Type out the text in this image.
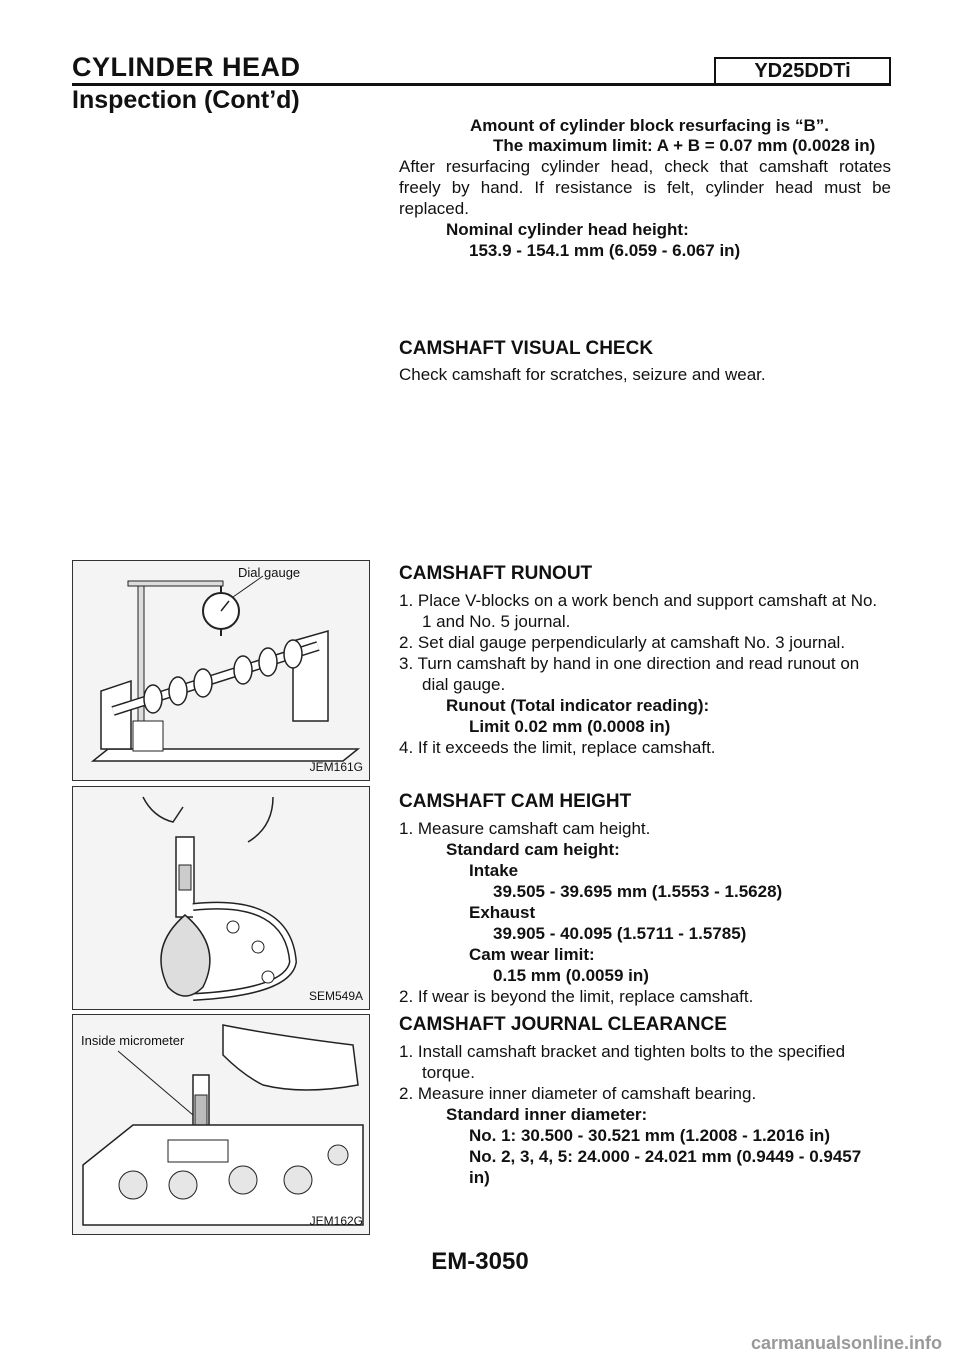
CYLINDER HEAD	YD25DDTi
Inspection (Cont’d)
Amount of cylinder block resurfacing is “B”.
The maximum limit: A + B = 0.07 mm (0.0028 in)
After resurfacing cylinder head, check that camshaft rotates freely by hand. If resistance is felt, cylinder head must be replaced.
Nominal cylinder head height:
153.9 - 154.1 mm (6.059 - 6.067 in)
CAMSHAFT VISUAL CHECK
Check camshaft for scratches, seizure and wear.
Dial gauge
JEM161G
CAMSHAFT RUNOUT
1. Place V-blocks on a work bench and support camshaft at No.
1 and No. 5 journal.
2. Set dial gauge perpendicularly at camshaft No. 3 journal.
3. Turn camshaft by hand in one direction and read runout on
dial gauge.
Runout (Total indicator reading):
Limit 0.02 mm (0.0008 in)
4. If it exceeds the limit, replace camshaft.
SEM549A
CAMSHAFT CAM HEIGHT
1. Measure camshaft cam height.
Standard cam height:
Intake
39.505 - 39.695 mm (1.5553 - 1.5628)
Exhaust
39.905 - 40.095 (1.5711 - 1.5785)
Cam wear limit:
0.15 mm (0.0059 in)
2. If wear is beyond the limit, replace camshaft.
Inside micrometer
JEM162G
CAMSHAFT JOURNAL CLEARANCE
1. Install camshaft bracket and tighten bolts to the specified
torque.
2. Measure inner diameter of camshaft bearing.
Standard inner diameter:
No. 1: 30.500 - 30.521 mm (1.2008 - 1.2016 in)
No. 2, 3, 4, 5: 24.000 - 24.021 mm (0.9449 - 0.9457
in)
EM-3050
carmanualsonline.info
